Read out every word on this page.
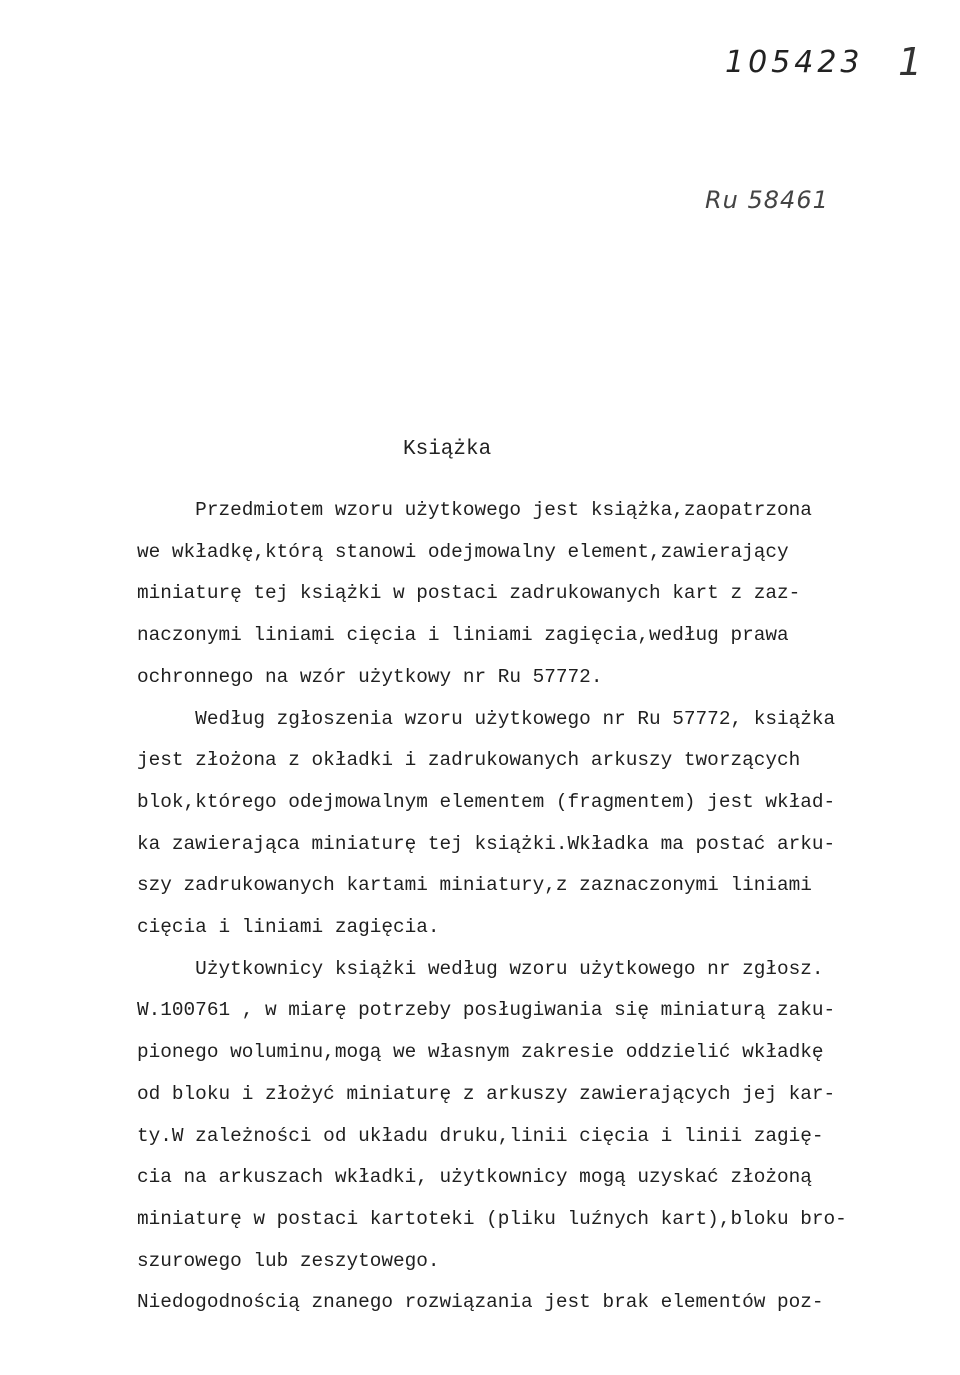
105423 1
Ru 58461
Książka
Przedmiotem wzoru użytkowego jest książka,zaopatrzona
we wkładkę,którą stanowi odejmowalny element,zawierający
miniaturę tej książki w postaci zadrukowanych kart z zaz-
naczonymi liniami cięcia i liniami zagięcia,według prawa
ochronnego na wzór użytkowy nr Ru 57772.
Według zgłoszenia wzoru użytkowego nr Ru 57772, książka
jest złożona z okładki i zadrukowanych arkuszy tworzących
blok,którego odejmowalnym elementem (fragmentem) jest wkład-
ka zawierająca miniaturę tej książki.Wkładka ma postać arku-
szy zadrukowanych kartami miniatury,z zaznaczonymi liniami
cięcia i liniami zagięcia.
Użytkownicy książki według wzoru użytkowego nr zgłosz.
W.100761 , w miarę potrzeby posługiwania się miniaturą zaku-
pionego woluminu,mogą we własnym zakresie oddzielić wkładkę
od bloku i złożyć miniaturę z arkuszy zawierających jej kar-
ty.W zależności od układu druku,linii cięcia i linii zagię-
cia na arkuszach wkładki, użytkownicy mogą uzyskać złożoną
miniaturę w postaci kartoteki (pliku luźnych kart),bloku bro-
szurowego lub zeszytowego.
Niedogodnością znanego rozwiązania jest brak elementów poz-
